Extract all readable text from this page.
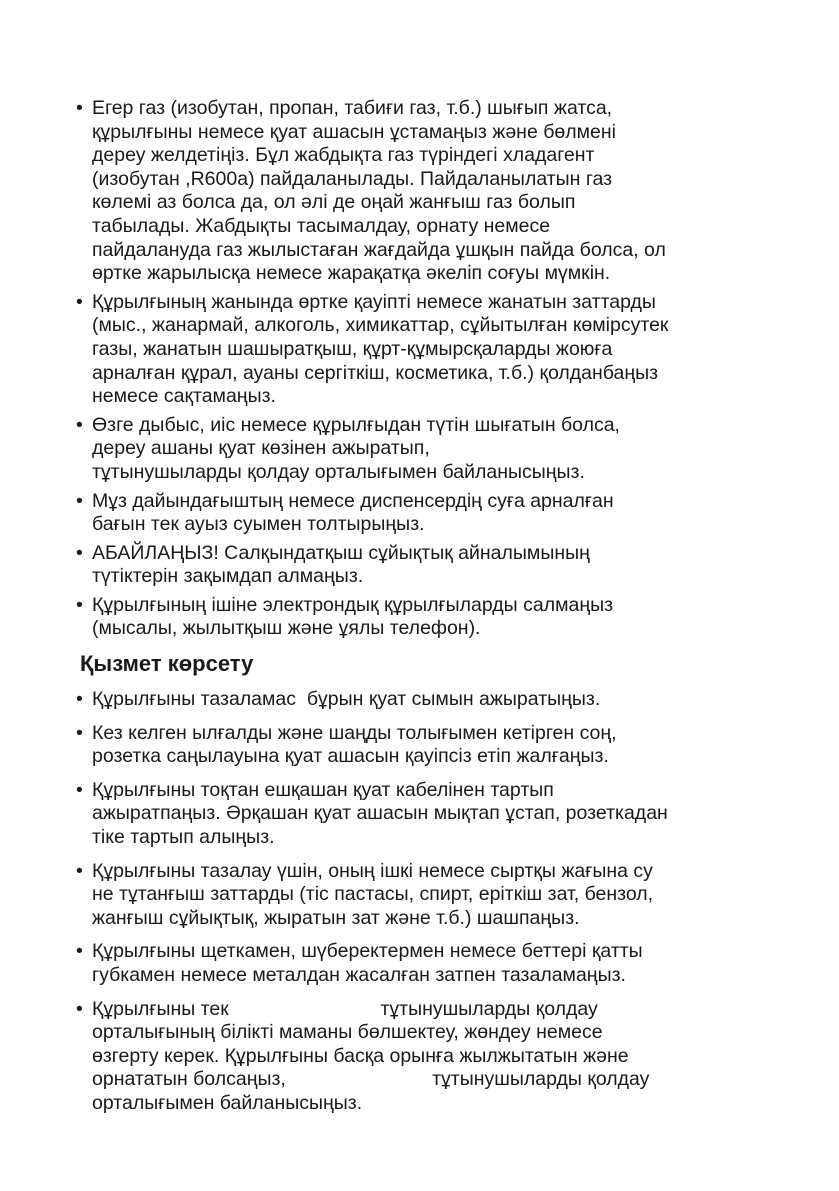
• Егер газ (изобутан, пропан, табиғи газ, т.б.) шығып жатса,
құрылғыны немесе қуат ашасын ұстамаңыз және бөлмені
дереу желдетіңіз. Бұл жабдықта газ түріндегі хладагент
(изобутан ,R600a) пайдаланылады. Пайдаланылатын газ
көлемі аз болса да, ол әлі де оңай жанғыш газ болып
табылады. Жабдықты тасымалдау, орнату немесе
пайдалануда газ жылыстаған жағдайда ұшқын пайда болса, ол
өртке жарылысқа немесе жарақатқа әкеліп соғуы мүмкін.
• Құрылғының жанында өртке қауіпті немесе жанатын заттарды
(мыс., жанармай, алкоголь, химикаттар, сұйытылған көмірсутек
газы, жанатын шашыратқыш, құрт-құмырсқаларды жоюға
арналған құрал, ауаны сергіткіш, косметика, т.б.) қолданбаңыз
немесе сақтамаңыз.
• Өзге дыбыс, иіс немесе құрылғыдан түтін шығатын болса,
дереу ашаны қуат көзінен ажыратып,
тұтынушыларды қолдау орталығымен байланысыңыз.
• Мұз дайындағыштың немесе диспенсердің суға арналған
бағын тек ауыз суымен толтырыңыз.
• АБАЙЛАҢЫЗ! Салқындатқыш сұйықтық айналымының
түтіктерін зақымдап алмаңыз.
• Құрылғының ішіне электрондық құрылғыларды салмаңыз
(мысалы, жылытқыш және ұялы телефон).
Қызмет көрсету
• Құрылғыны тазаламас  бұрын қуат сымын ажыратыңыз.
• Кез келген ылғалды және шаңды толығымен кетірген соң,
розетка саңылауына қуат ашасын қауіпсіз етіп жалғаңыз.
• Құрылғыны тоқтан ешқашан қуат кабелінен тартып
ажыратпаңыз. Әрқашан қуат ашасын мықтап ұстап, розеткадан
тіке тартып алыңыз.
• Құрылғыны тазалау үшін, оның ішкі немесе сыртқы жағына су
не тұтанғыш заттарды (тіс пастасы, спирт, еріткіш зат, бензол,
жанғыш сұйықтық, жыратын зат және т.б.) шашпаңыз.
• Құрылғыны щеткамен, шүберектермен немесе беттері қатты
губкамен немесе металдан жасалған затпен тазаламаңыз.
• Құрылғыны тек                            тұтынушыларды қолдау
орталығының білікті маманы бөлшектеу, жөндеу немесе
өзгерту керек. Құрылғыны басқа орынға жылжытатын және
орнататын болсаңыз,                           тұтынушыларды қолдау
орталығымен байланысыңыз.
